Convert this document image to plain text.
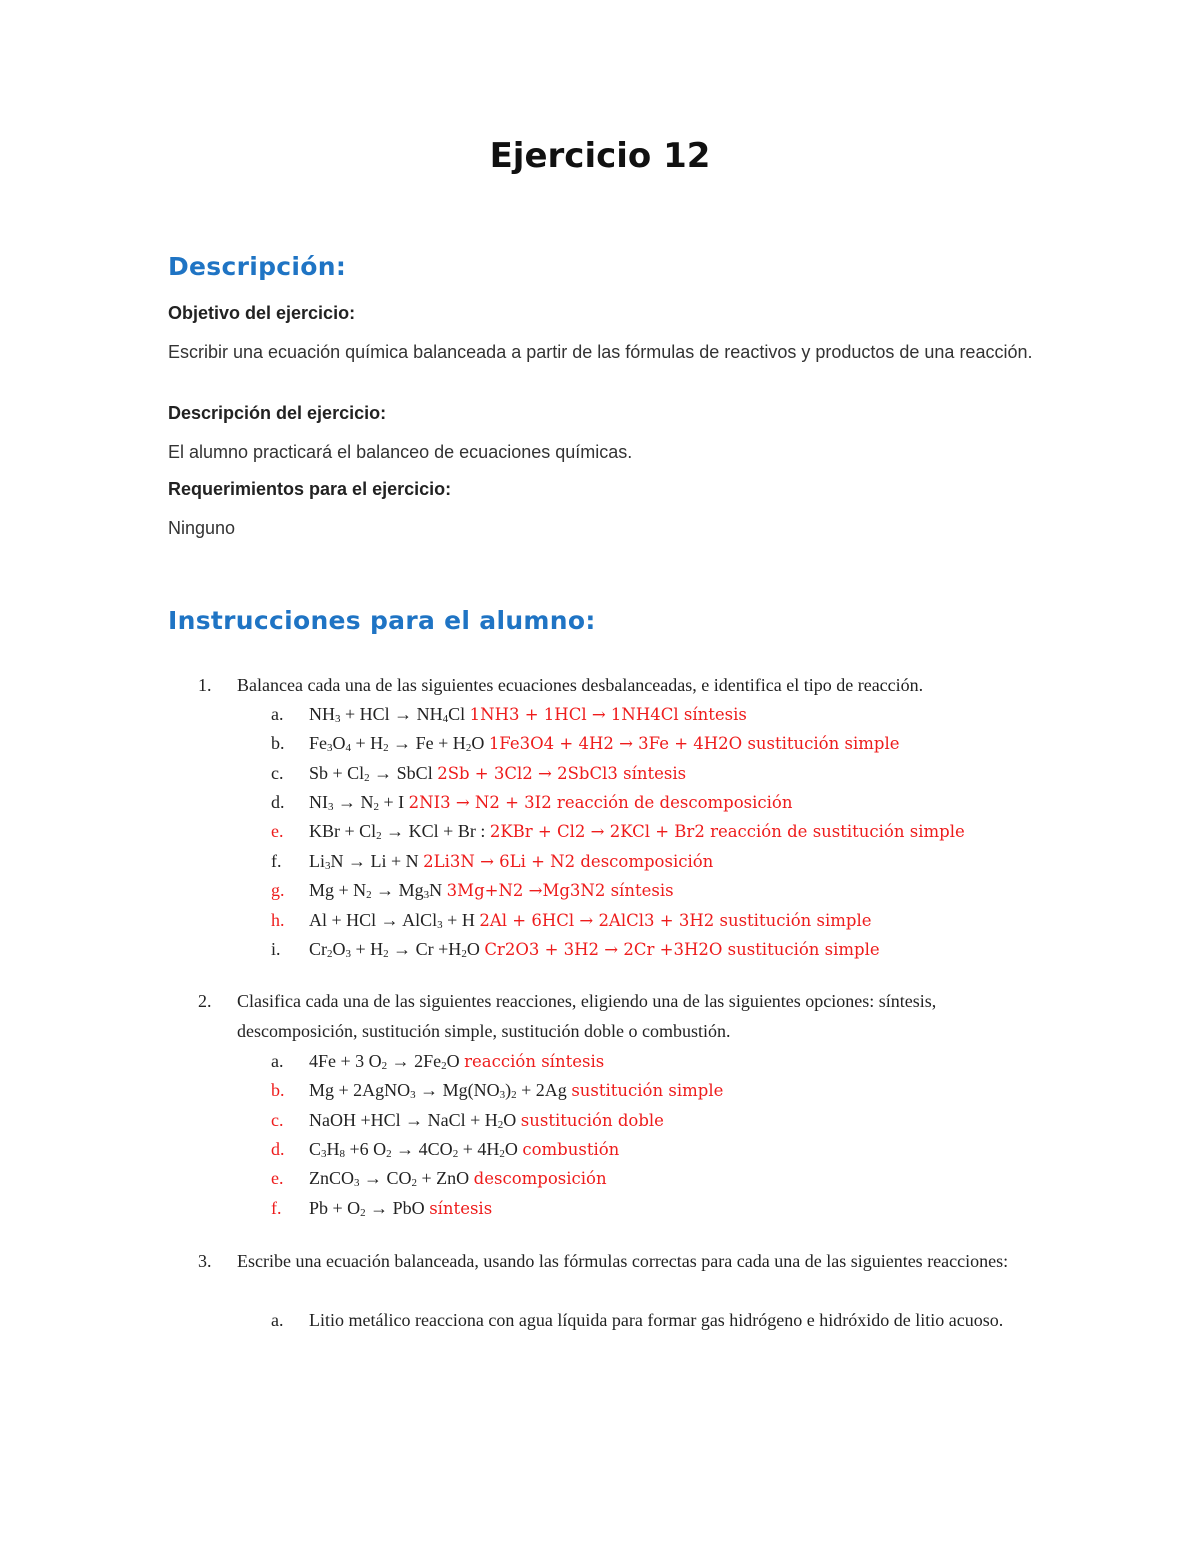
Ejercicio 12
Descripción:

Objetivo del ejercicio:

Escribir una ecuación química balanceada a partir de las fórmulas de reactivos y productos de una reacción.

Descripción del ejercicio:

El alumno practicará el balanceo de ecuaciones químicas.

Requerimientos para el ejercicio:

Ninguno

Instrucciones para el alumno:
1. Balancea cada una de las siguientes ecuaciones desbalanceadas, e identifica el tipo de reacción.
a. $NH_3$ + HCl → $NH_4Cl$ 1NH3 + 1HCl → 1NH4Cl síntesis
b. $Fe_3O_4 + H_2 \to Fe + H_2O$ 1Fe3O4 + 4H2 → 3Fe + 4H2O sustitución simple
c. $Sb + Cl_2$ → SbCl 2Sb + 3Cl2 → 2SbCl3 síntesis
d. $NI_3 \to N_2 + I$ 2NI3 → N2 + 3I2 reacción de descomposición
e. KBr + $Cl_2$ → KCl + Br : 2KBr + Cl2 → 2KCl + Br2 reacción de sustitución simple
f. $Li_3N \to Li + N$ 2Li3N → 6Li + N2 descomposición
g. $Mg + N_2 \to Mg_3N$ 3Mg+N2 →Mg3N2 síntesis
h. Al + HCl → AlCl$_3$ + H 2Al + 6HCl → 2AlCl3 + 3H2 sustitución simple
i. $Cr_2O_3 + H_2 \to Cr +H_2O$ Cr2O3 + 3H2 → 2Cr +3H2O sustitución simple
2. Clasifica cada una de las siguientes reacciones, eligiendo una de las siguientes opciones: síntesis, descomposición, sustitución simple, sustitución doble o combustión.
a. 4Fe + 3 $O_2 \to 2Fe_2O$ reacción síntesis
b. Mg + 2AgNO$_3$ → $Mg(NO_3)_2 + 2Ag$ sustitución simple
c. NaOH +HCl → NaCl + $H_2O$ sustitución doble
d. $C_3H_8 +6$ $O_2 \to 4CO_2 + 4H_2O$ combustión
e. ZnCO$_3$ → $CO_2$ + ZnO descomposición
f. $Pb + O_2$ → PbO síntesis
3. Escribe una ecuación balanceada, usando las fórmulas correctas para cada una de las siguientes reacciones:
a. Litio metálico reacciona con agua líquida para formar gas hidrógeno e hidróxido de litio acuoso.
